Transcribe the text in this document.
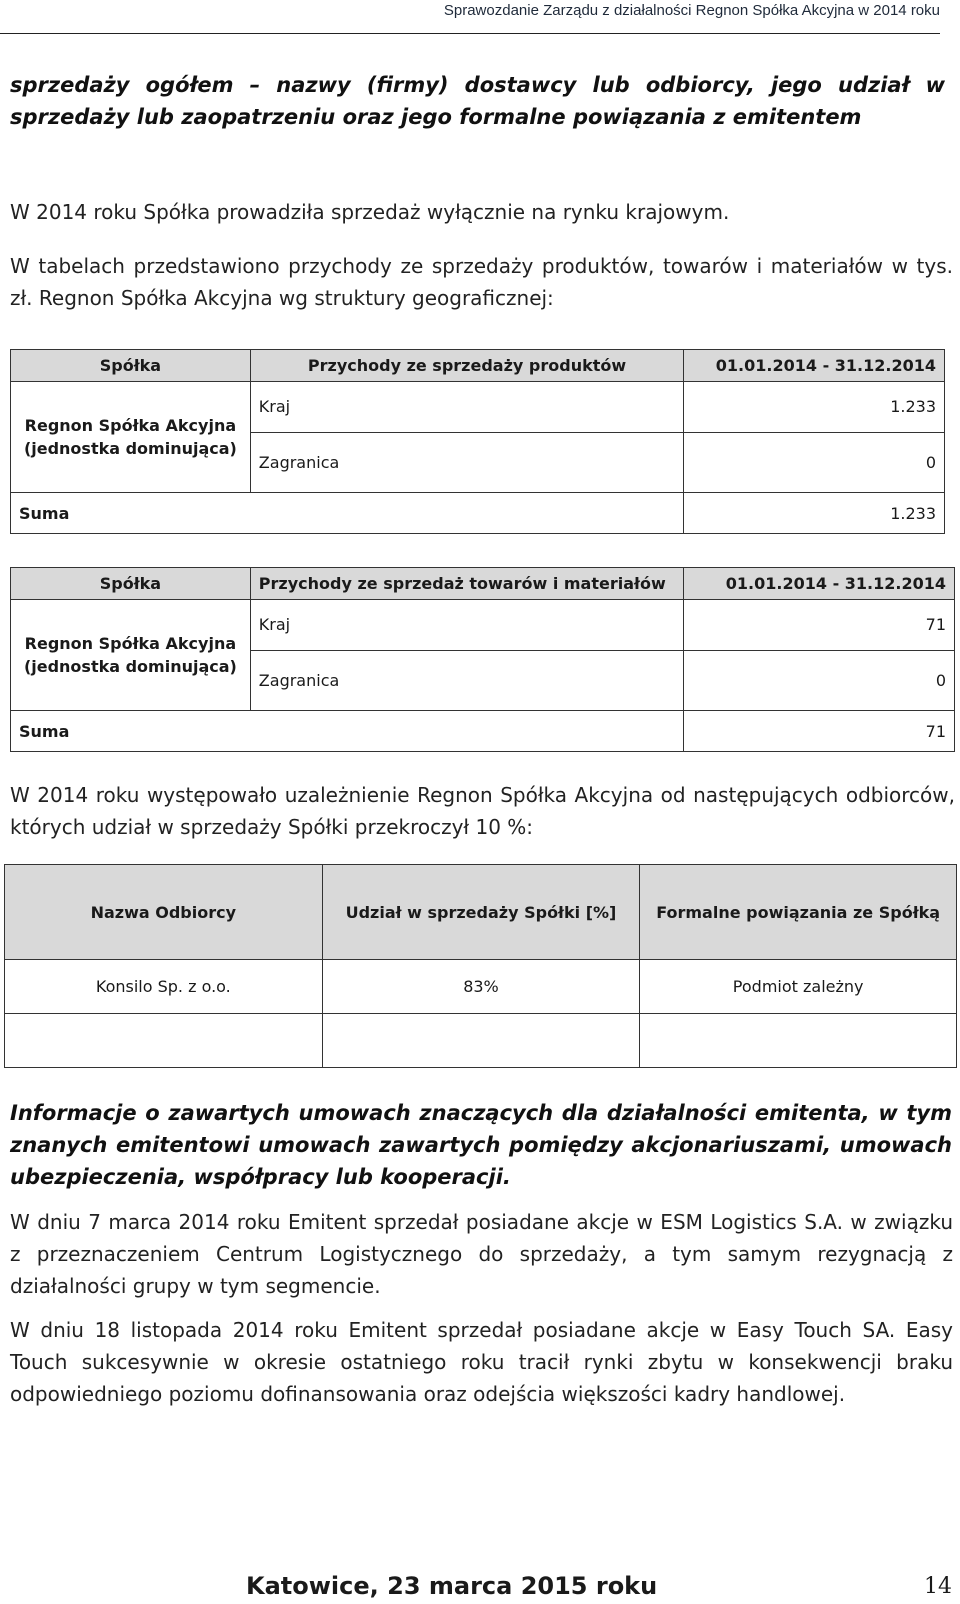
Sprawozdanie Zarządu z działalności Regnon Spółka Akcyjna w 2014 roku
sprzedaży ogółem – nazwy (firmy) dostawcy lub odbiorcy, jego udział w sprzedaży lub zaopatrzeniu oraz jego formalne powiązania z emitentem
W 2014 roku Spółka prowadziła sprzedaż wyłącznie na rynku krajowym.
W tabelach przedstawiono przychody ze sprzedaży produktów, towarów i materiałów w tys. zł. Regnon Spółka Akcyjna wg struktury geograficznej:
Spółka	Przychody ze sprzedaży produktów	01.01.2014 - 31.12.2014
Regnon Spółka Akcyjna (jednostka dominująca)	Kraj	1.233
	Zagranica	0
Suma		1.233
Spółka	Przychody ze sprzedaż towarów i materiałów	01.01.2014 - 31.12.2014
Regnon Spółka Akcyjna (jednostka dominująca)	Kraj	71
	Zagranica	0
Suma		71
W 2014 roku występowało uzależnienie Regnon Spółka Akcyjna od następujących odbiorców, których udział w sprzedaży Spółki przekroczył 10 %:
Nazwa Odbiorcy	Udział w sprzedaży Spółki [%]	Formalne powiązania ze Spółką
Konsilo Sp. z o.o.	83%	Podmiot zależny

Informacje o zawartych umowach znaczących dla działalności emitenta, w tym znanych emitentowi umowach zawartych pomiędzy akcjonariuszami, umowach ubezpieczenia, współpracy lub kooperacji.
W dniu 7 marca 2014 roku Emitent sprzedał posiadane akcje w ESM Logistics S.A. w związku z przeznaczeniem Centrum Logistycznego do sprzedaży, a tym samym rezygnacją z działalności grupy w tym segmencie.
W dniu 18 listopada 2014 roku Emitent sprzedał posiadane akcje w Easy Touch SA. Easy Touch sukcesywnie w okresie ostatniego roku tracił rynki zbytu w konsekwencji braku odpowiedniego poziomu dofinansowania oraz odejścia większości kadry handlowej.
Katowice, 23 marca 2015 roku	14
